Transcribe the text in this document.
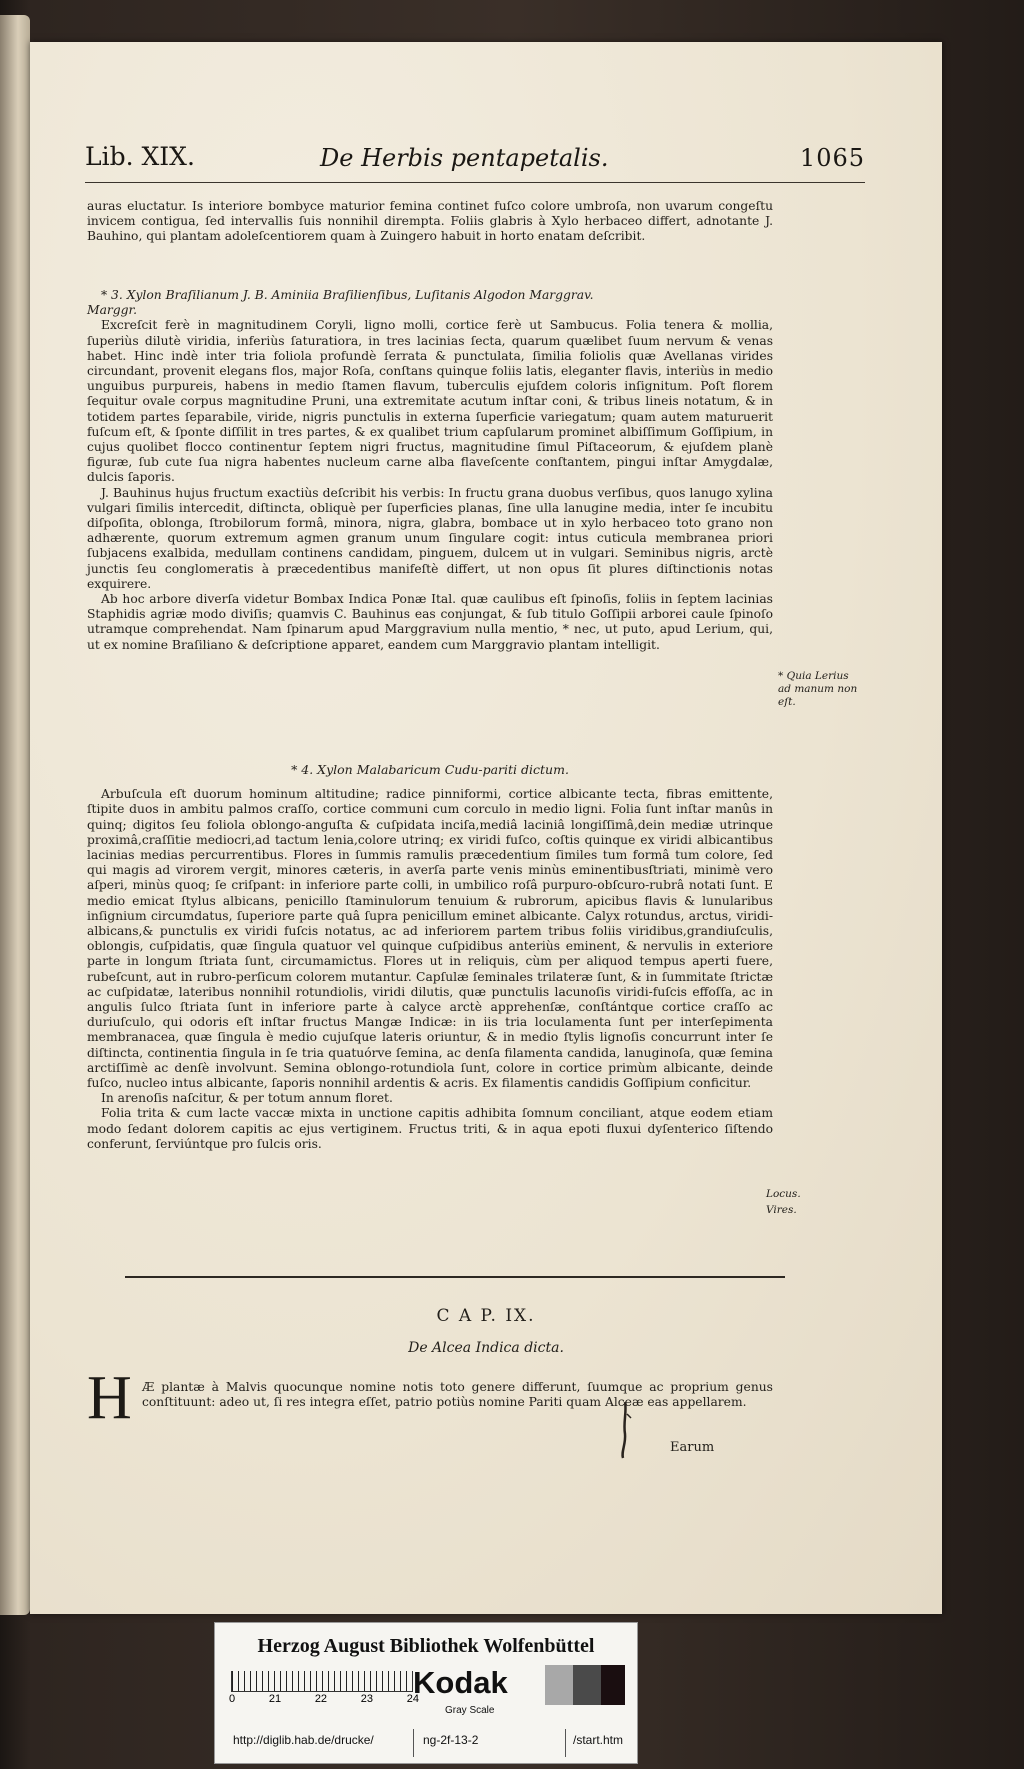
Lib. XIX.	De Herbis pentapetalis.	1065

auras eluctatur. Is interiore bombyce maturior femina continet fuſco colore umbroſa, non uvarum congeſtu invicem contigua, ſed intervallis ſuis nonnihil dirempta. Foliis glabris à Xylo herbaceo differt, adnotante J. Bauhino, qui plantam adoleſcentiorem quam à Zuingero habuit in horto enatam deſcribit.

* 3. Xylon Braſilianum J. B. Aminiia Braſilienſibus, Luſitanis Algodon Marggrav.

Marggr.

Excreſcit ferè in magnitudinem Coryli, ligno molli, cortice ferè ut Sambucus. Folia tenera & mollia, ſuperiùs dilutè viridia, inferiùs ſaturatiora, in tres lacinias ſecta, quarum quælibet ſuum nervum & venas habet. Hinc indè inter tria foliola profundè ſerrata & punctulata, ſimilia foliolis quæ Avellanas virides circundant, provenit elegans flos, major Roſa, conſtans quinque foliis latis, eleganter flavis, interiùs in medio unguibus purpureis, habens in medio ſtamen flavum, tuberculis ejuſdem coloris inſignitum. Poſt florem ſequitur ovale corpus magnitudine Pruni, una extremitate acutum inſtar coni, & tribus lineis notatum, & in totidem partes ſeparabile, viride, nigris punctulis in externa ſuperficie variegatum; quam autem maturuerit fuſcum eſt, & ſponte diſſilit in tres partes, & ex qualibet trium capſularum prominet albiſſimum Goſſipium, in cujus quolibet flocco continentur ſeptem nigri fructus, magnitudine ſimul Piſtaceorum, & ejuſdem planè figuræ, ſub cute ſua nigra habentes nucleum carne alba flaveſcente conſtantem, pingui inſtar Amygdalæ, dulcis ſaporis.

J. Bauhinus hujus fructum exactiùs deſcribit his verbis: In fructu grana duobus verſibus, quos lanugo xylina vulgari ſimilis intercedit, diſtincta, obliquè per ſuperficies planas, ſine ulla lanugine media, inter ſe incubitu diſpoſita, oblonga, ſtrobilorum formâ, minora, nigra, glabra, bombace ut in xylo herbaceo toto grano non adhærente, quorum extremum agmen granum unum ſingulare cogit: intus cuticula membranea priori ſubjacens exalbida, medullam continens candidam, pinguem, dulcem ut in vulgari. Seminibus nigris, arctè junctis ſeu conglomeratis à præcedentibus manifeſtè differt, ut non opus ſit plures diſtinctionis notas exquirere.

Ab hoc arbore diverſa videtur Bombax Indica Ponæ Ital. quæ caulibus eſt ſpinoſis, foliis in ſeptem lacinias Staphidis agriæ modo diviſis; quamvis C. Bauhinus eas conjungat, & ſub titulo Goſſipii arborei caule ſpinoſo utramque comprehendat. Nam ſpinarum apud Marggravium nulla mentio, * nec, ut puto, apud Lerium, qui, ut ex nomine Braſiliano & deſcriptione apparet, eandem cum Marggravio plantam intelligit.

* Quia Lerius ad manum non eſt.

* 4. Xylon Malabaricum Cudu-pariti dictum.

Arbuſcula eſt duorum hominum altitudine; radice pinniformi, cortice albicante tecta, fibras emittente, ſtipite duos in ambitu palmos craſſo, cortice communi cum corculo in medio ligni. Folia ſunt inſtar manûs in quinq; digitos ſeu foliola oblongo-anguſta & cuſpidata inciſa,mediâ laciniâ longiſſimâ,dein mediæ utrinque proximâ,craſſitie mediocri,ad tactum lenia,colore utrinq; ex viridi fuſco, coſtis quinque ex viridi albicantibus lacinias medias percurrentibus. Flores in ſummis ramulis præcedentium ſimiles tum formâ tum colore, ſed qui magis ad virorem vergit, minores cæteris, in averſa parte venis minùs eminentibusſtriati, minimè vero aſperi, minùs quoq; ſe criſpant: in inferiore parte colli, in umbilico roſâ purpuro-obſcuro-rubrâ notati ſunt. E medio emicat ſtylus albicans, penicillo ſtaminulorum tenuium & rubrorum, apicibus flavis & lunularibus inſignium circumdatus, ſuperiore parte quâ ſupra penicillum eminet albicante. Calyx rotundus, arctus, viridi-albicans,& punctulis ex viridi fuſcis notatus, ac ad inferiorem partem tribus foliis viridibus,grandiuſculis, oblongis, cuſpidatis, quæ ſingula quatuor vel quinque cuſpidibus anteriùs eminent, & nervulis in exteriore parte in longum ſtriata ſunt, circumamictus. Flores ut in reliquis, cùm per aliquod tempus aperti fuere, rubeſcunt, aut in rubro-perſicum colorem mutantur. Capſulæ ſeminales trilateræ ſunt, & in ſummitate ſtrictæ ac cuſpidatæ, lateribus nonnihil rotundiolis, viridi dilutis, quæ punctulis lacunoſis viridi-fuſcis effoſſa, ac in angulis ſulco ſtriata ſunt in inferiore parte à calyce arctè apprehenſæ, conſtántque cortice craſſo ac duriuſculo, qui odoris eſt inſtar fructus Mangæ Indicæ: in iis tria loculamenta ſunt per interſepimenta membranacea, quæ ſingula è medio cujuſque lateris oriuntur, & in medio ſtylis lignoſis concurrunt inter ſe diſtincta, continentia ſingula in ſe tria quatuórve ſemina, ac denſa filamenta candida, lanuginoſa, quæ ſemina arctiſſimè ac denſè involvunt. Semina oblongo-rotundiola ſunt, colore in cortice primùm albicante, deinde fuſco, nucleo intus albicante, ſaporis nonnihil ardentis & acris. Ex filamentis candidis Goſſipium conficitur.

In arenoſis naſcitur, & per totum annum floret.

Folia trita & cum lacte vaccæ mixta in unctione capitis adhibita ſomnum conciliant, atque eodem etiam modo ſedant dolorem capitis ac ejus vertiginem. Fructus triti, & in aqua epoti fluxui dyſenterico ſiſtendo conferunt, ſerviúntque pro ſulcis oris.

Locus.
Vires.
C A P. IX.
De Alcea Indica dicta.
H Æ plantæ à Malvis quocunque nomine notis toto genere differunt, ſuumque ac proprium genus conſtituunt: adeo ut, ſi res integra eſſet, patrio potiùs nomine Pariti quam Alceæ eas appellarem.

Earum
Herzog August Bibliothek Wolfenbüttel
0	21	22	23	24
Kodak
Gray Scale
http://diglib.hab.de/drucke/	ng-2f-13-2	/start.htm
